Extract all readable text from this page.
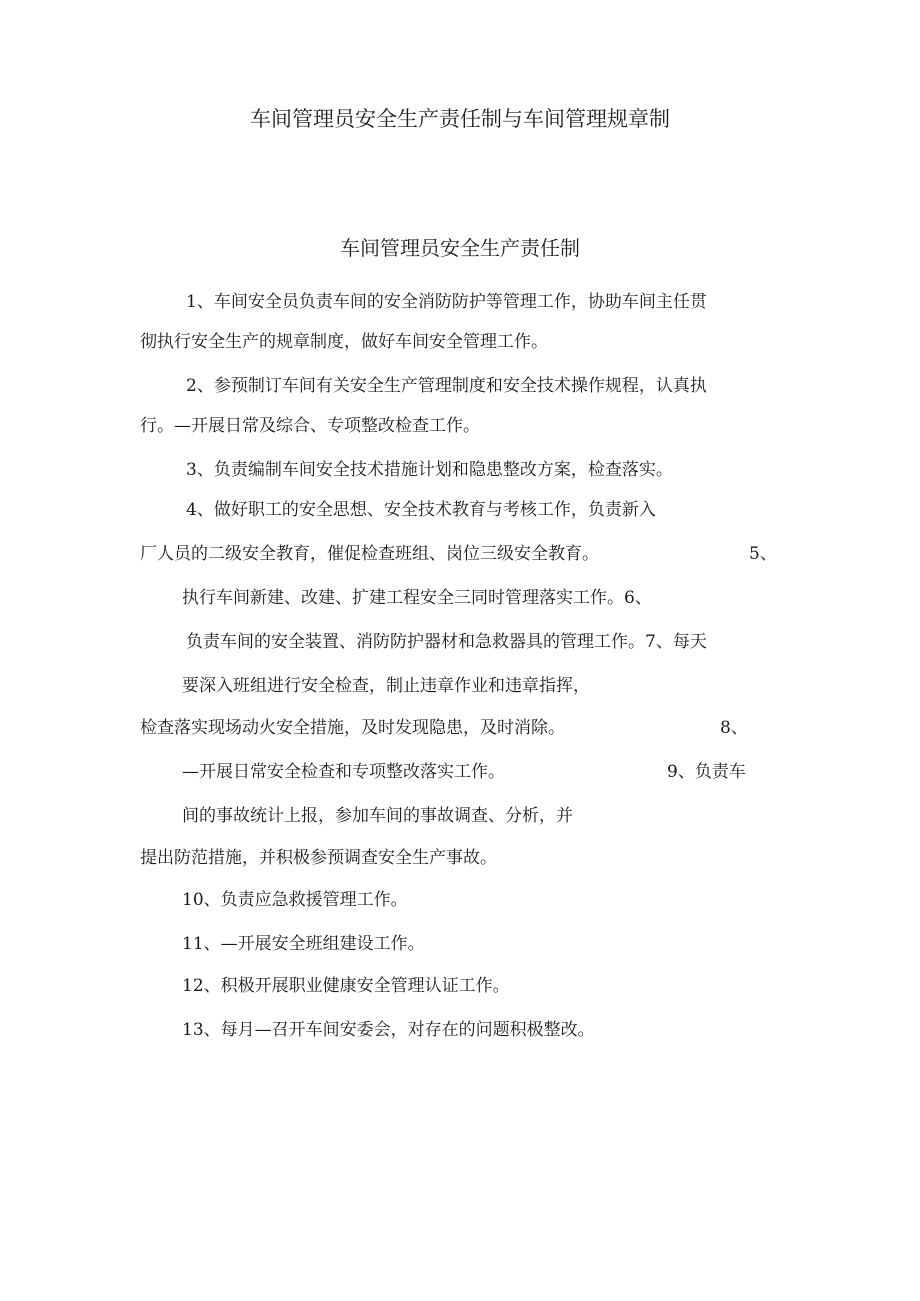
车间管理员安全生产责任制与车间管理规章制
车间管理员安全生产责任制
1、车间安全员负责车间的安全消防防护等管理工作，协助车间主任贯
彻执行安全生产的规章制度，做好车间安全管理工作。
2、参预制订车间有关安全生产管理制度和安全技术操作规程，认真执
行。—开展日常及综合、专项整改检查工作。
3、负责编制车间安全技术措施计划和隐患整改方案，检查落实。
4、做好职工的安全思想、安全技术教育与考核工作，负责新入
厂人员的二级安全教育，催促检查班组、岗位三级安全教育。	5、
执行车间新建、改建、扩建工程安全三同时管理落实工作。6、
负责车间的安全装置、消防防护器材和急救器具的管理工作。7、每天
要深入班组进行安全检查，制止违章作业和违章指挥，
检查落实现场动火安全措施，及时发现隐患，及时消除。	8、
—开展日常安全检查和专项整改落实工作。	9、负责车
间的事故统计上报，参加车间的事故调查、分析，并
提出防范措施，并积极参预调查安全生产事故。
10、负责应急救援管理工作。
11、—开展安全班组建设工作。
12、积极开展职业健康安全管理认证工作。
13、每月—召开车间安委会，对存在的问题积极整改。
